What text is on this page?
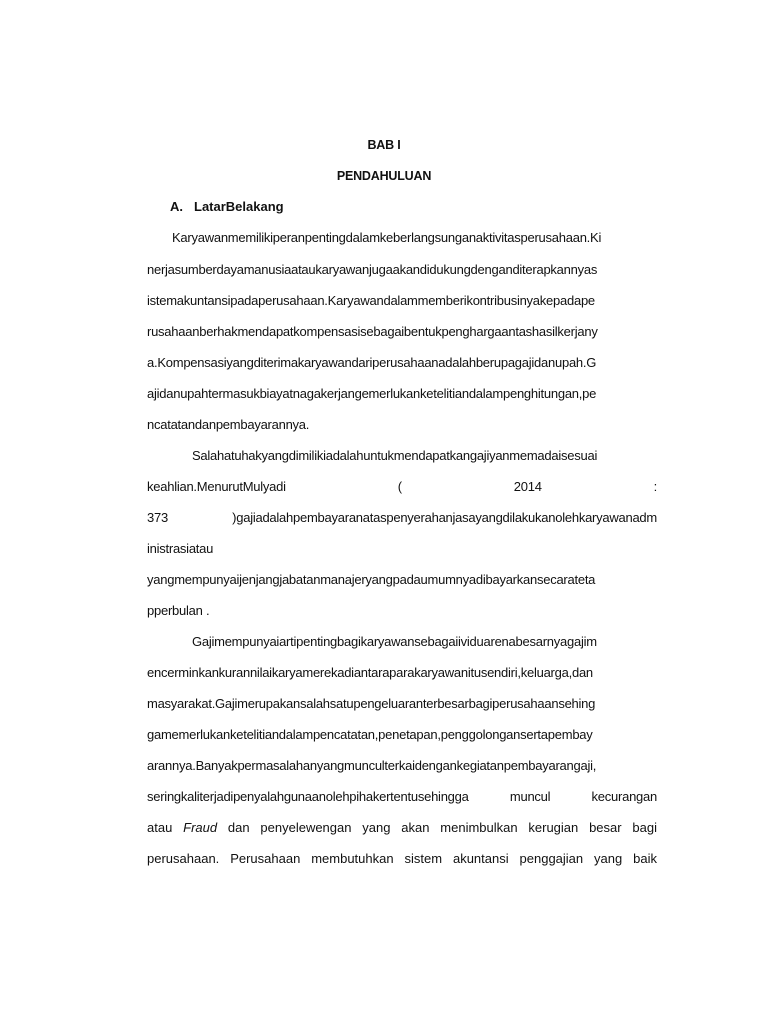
BAB I
PENDAHULUAN
A. LatarBelakang
Karyawanmemilikiperanpentingdalamkeberlangsunganaktivitasperusahaan.Ki
nerjasumberdayamanusiaataukaryawanjugaakandidukungdenganditerapkannyas
istemakuntansipadaperusahaan.Karyawandalammemberikontribusinyakepadape
rusahaanberhakmendapatkompensasisebagaibentukpenghargaantashasilkerjany
a.Kompensasiyangditerimakaryawandariperusahaanadalahberupagajidanupah.G
ajidanupahtermasukbiayatnagakerjangemerlukanketelitiandalampenghitungan,pe
ncatatandanpembayarannya.
Salahatuhakyangdimilikiadalahuntukmendapatkangajiyanmemadaisesuai
keahlian.MenurutMulyadi ( 2014 :
373 )gajiadalahpembayaranataspenyerahanjasayangdilakukanolehkaryawanadm
inistrasiatau
yangmempunyaijenjangjabatanmanajeryangpadaumumnyadibayarkansecarateta
pperbulan .
Gajimempunyaiartipentingbagikaryawansebagaiividuarenabesarnyagajim
encerminkankurannilaikaryamerekadiantaraparakaryawanitusendiri,keluarga,dan
masyarakat.Gajimerupakansalahsatupengeluaranterbesarbagiperusahaansehing
gamemerlukanketelitiandalampencatatan,penetapan,penggolongansertapembay
arannya.Banyakpermasalahanyangmunculterkaidengankegiatanpembayarangaji,
seringkaliterjadipenyalahgunaanolehpihakertentusehingga muncul kecurangan
atau Fraud dan penyelewengan yang akan menimbulkan kerugian besar bagi
perusahaan. Perusahaan membutuhkan sistem akuntansi penggajian yang baik
